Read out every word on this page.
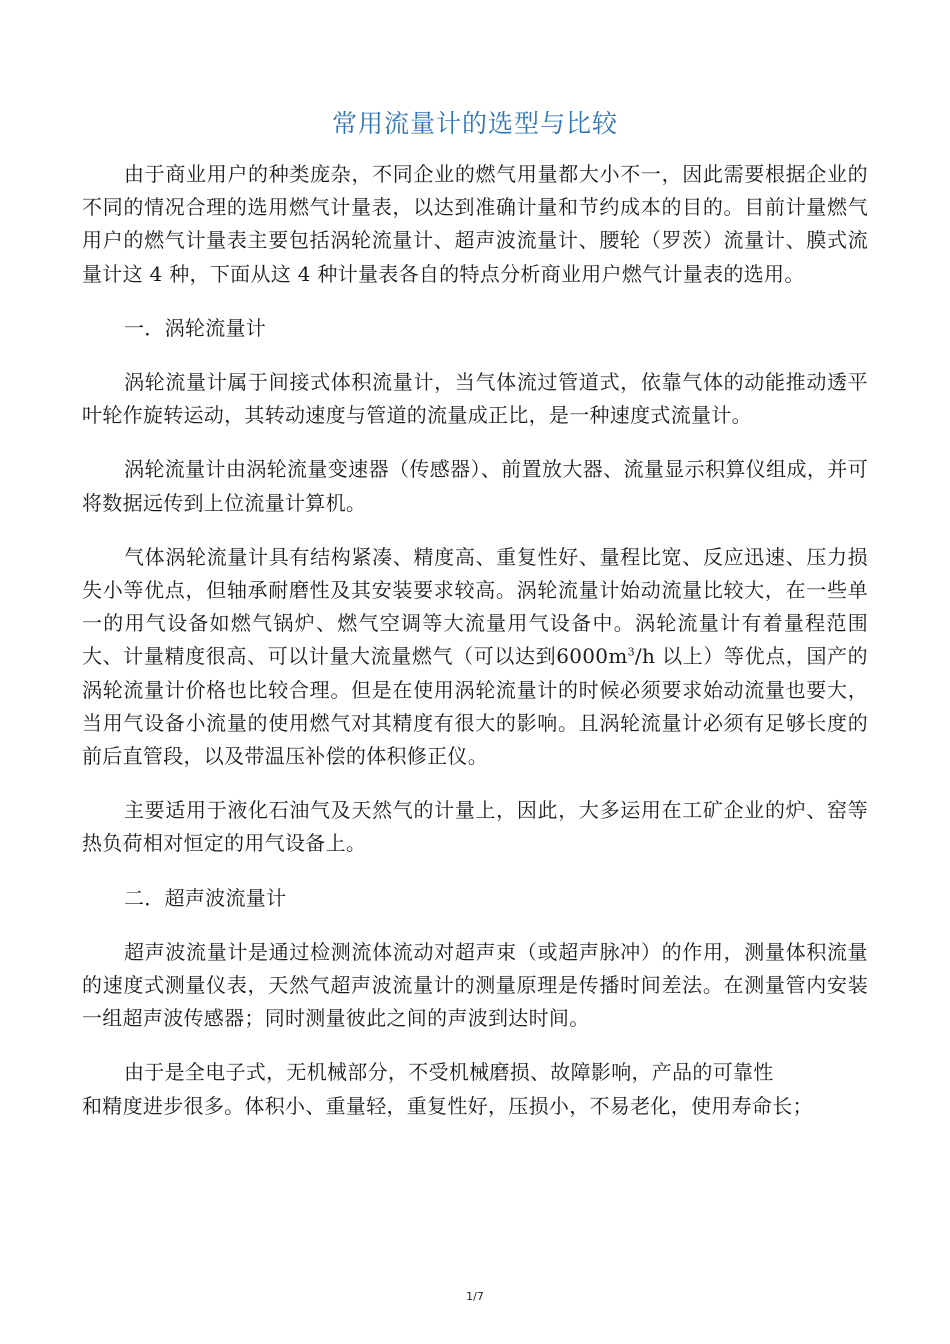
常用流量计的选型与比较

由于商业用户的种类庞杂，不同企业的燃气用量都大小不一，因此需要根据企业的不同的情况合理的选用燃气计量表，以达到准确计量和节约成本的目的。目前计量燃气用户的燃气计量表主要包括涡轮流量计、超声波流量计、腰轮（罗茨）流量计、膜式流量计这 4 种，下面从这 4 种计量表各自的特点分析商业用户燃气计量表的选用。

一．涡轮流量计

涡轮流量计属于间接式体积流量计，当气体流过管道式，依靠气体的动能推动透平叶轮作旋转运动，其转动速度与管道的流量成正比，是一种速度式流量计。

涡轮流量计由涡轮流量变速器（传感器）、前置放大器、流量显示积算仪组成，并可将数据远传到上位流量计算机。

气体涡轮流量计具有结构紧凑、精度高、重复性好、量程比宽、反应迅速、压力损失小等优点，但轴承耐磨性及其安装要求较高。涡轮流量计始动流量比较大，在一些单一的用气设备如燃气锅炉、燃气空调等大流量用气设备中。涡轮流量计有着量程范围大、计量精度很高、可以计量大流量燃气（可以达到$6000m^3/h$ 以上）等优点，国产的涡轮流量计价格也比较合理。但是在使用涡轮流量计的时候必须要求始动流量也要大，当用气设备小流量的使用燃气对其精度有很大的影响。且涡轮流量计必须有足够长度的前后直管段，以及带温压补偿的体积修正仪。

主要适用于液化石油气及天然气的计量上，因此，大多运用在工矿企业的炉、窑等热负荷相对恒定的用气设备上。

二．超声波流量计

超声波流量计是通过检测流体流动对超声束（或超声脉冲）的作用，测量体积流量的速度式测量仪表，天然气超声波流量计的测量原理是传播时间差法。在测量管内安装一组超声波传感器；同时测量彼此之间的声波到达时间。

由于是全电子式，无机械部分，不受机械磨损、故障影响，产品的可靠性
和精度进步很多。体积小、重量轻，重复性好，压损小，不易老化，使用寿命长；

1/7
